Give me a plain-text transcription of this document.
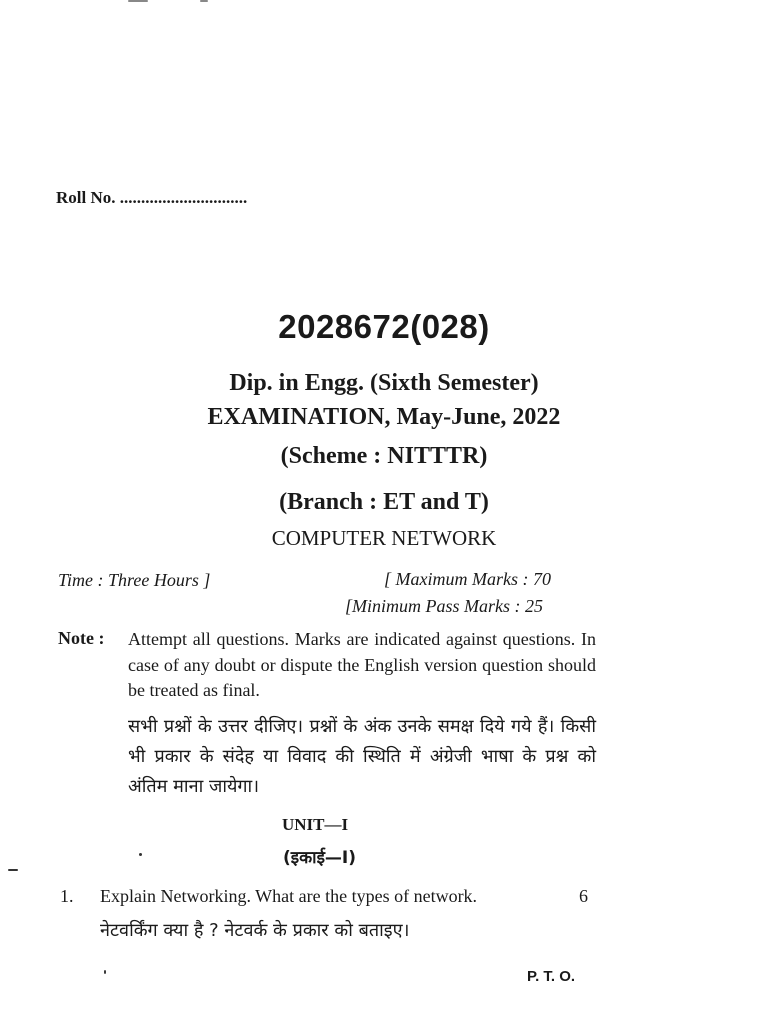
Roll No. ..............................
2028672(028)
Dip. in Engg. (Sixth Semester)
EXAMINATION, May-June, 2022
(Scheme : NITTTR)
(Branch : ET and T)
COMPUTER NETWORK
Time : Three Hours ]	[ Maximum Marks : 70
[Minimum Pass Marks : 25
Note : Attempt all questions. Marks are indicated against questions. In case of any doubt or dispute the English version question should be treated as final.
सभी प्रश्नों के उत्तर दीजिए। प्रश्नों के अंक उनके समक्ष दिये गये हैं। किसी भी प्रकार के संदेह या विवाद की स्थिति में अंग्रेजी भाषा के प्रश्न को अंतिम माना जायेगा।
UNIT—I
(इकाई—I)
1. Explain Networking. What are the types of network.	6
नेटवर्किंग क्या है ? नेटवर्क के प्रकार को बताइए।
P. T. O.
